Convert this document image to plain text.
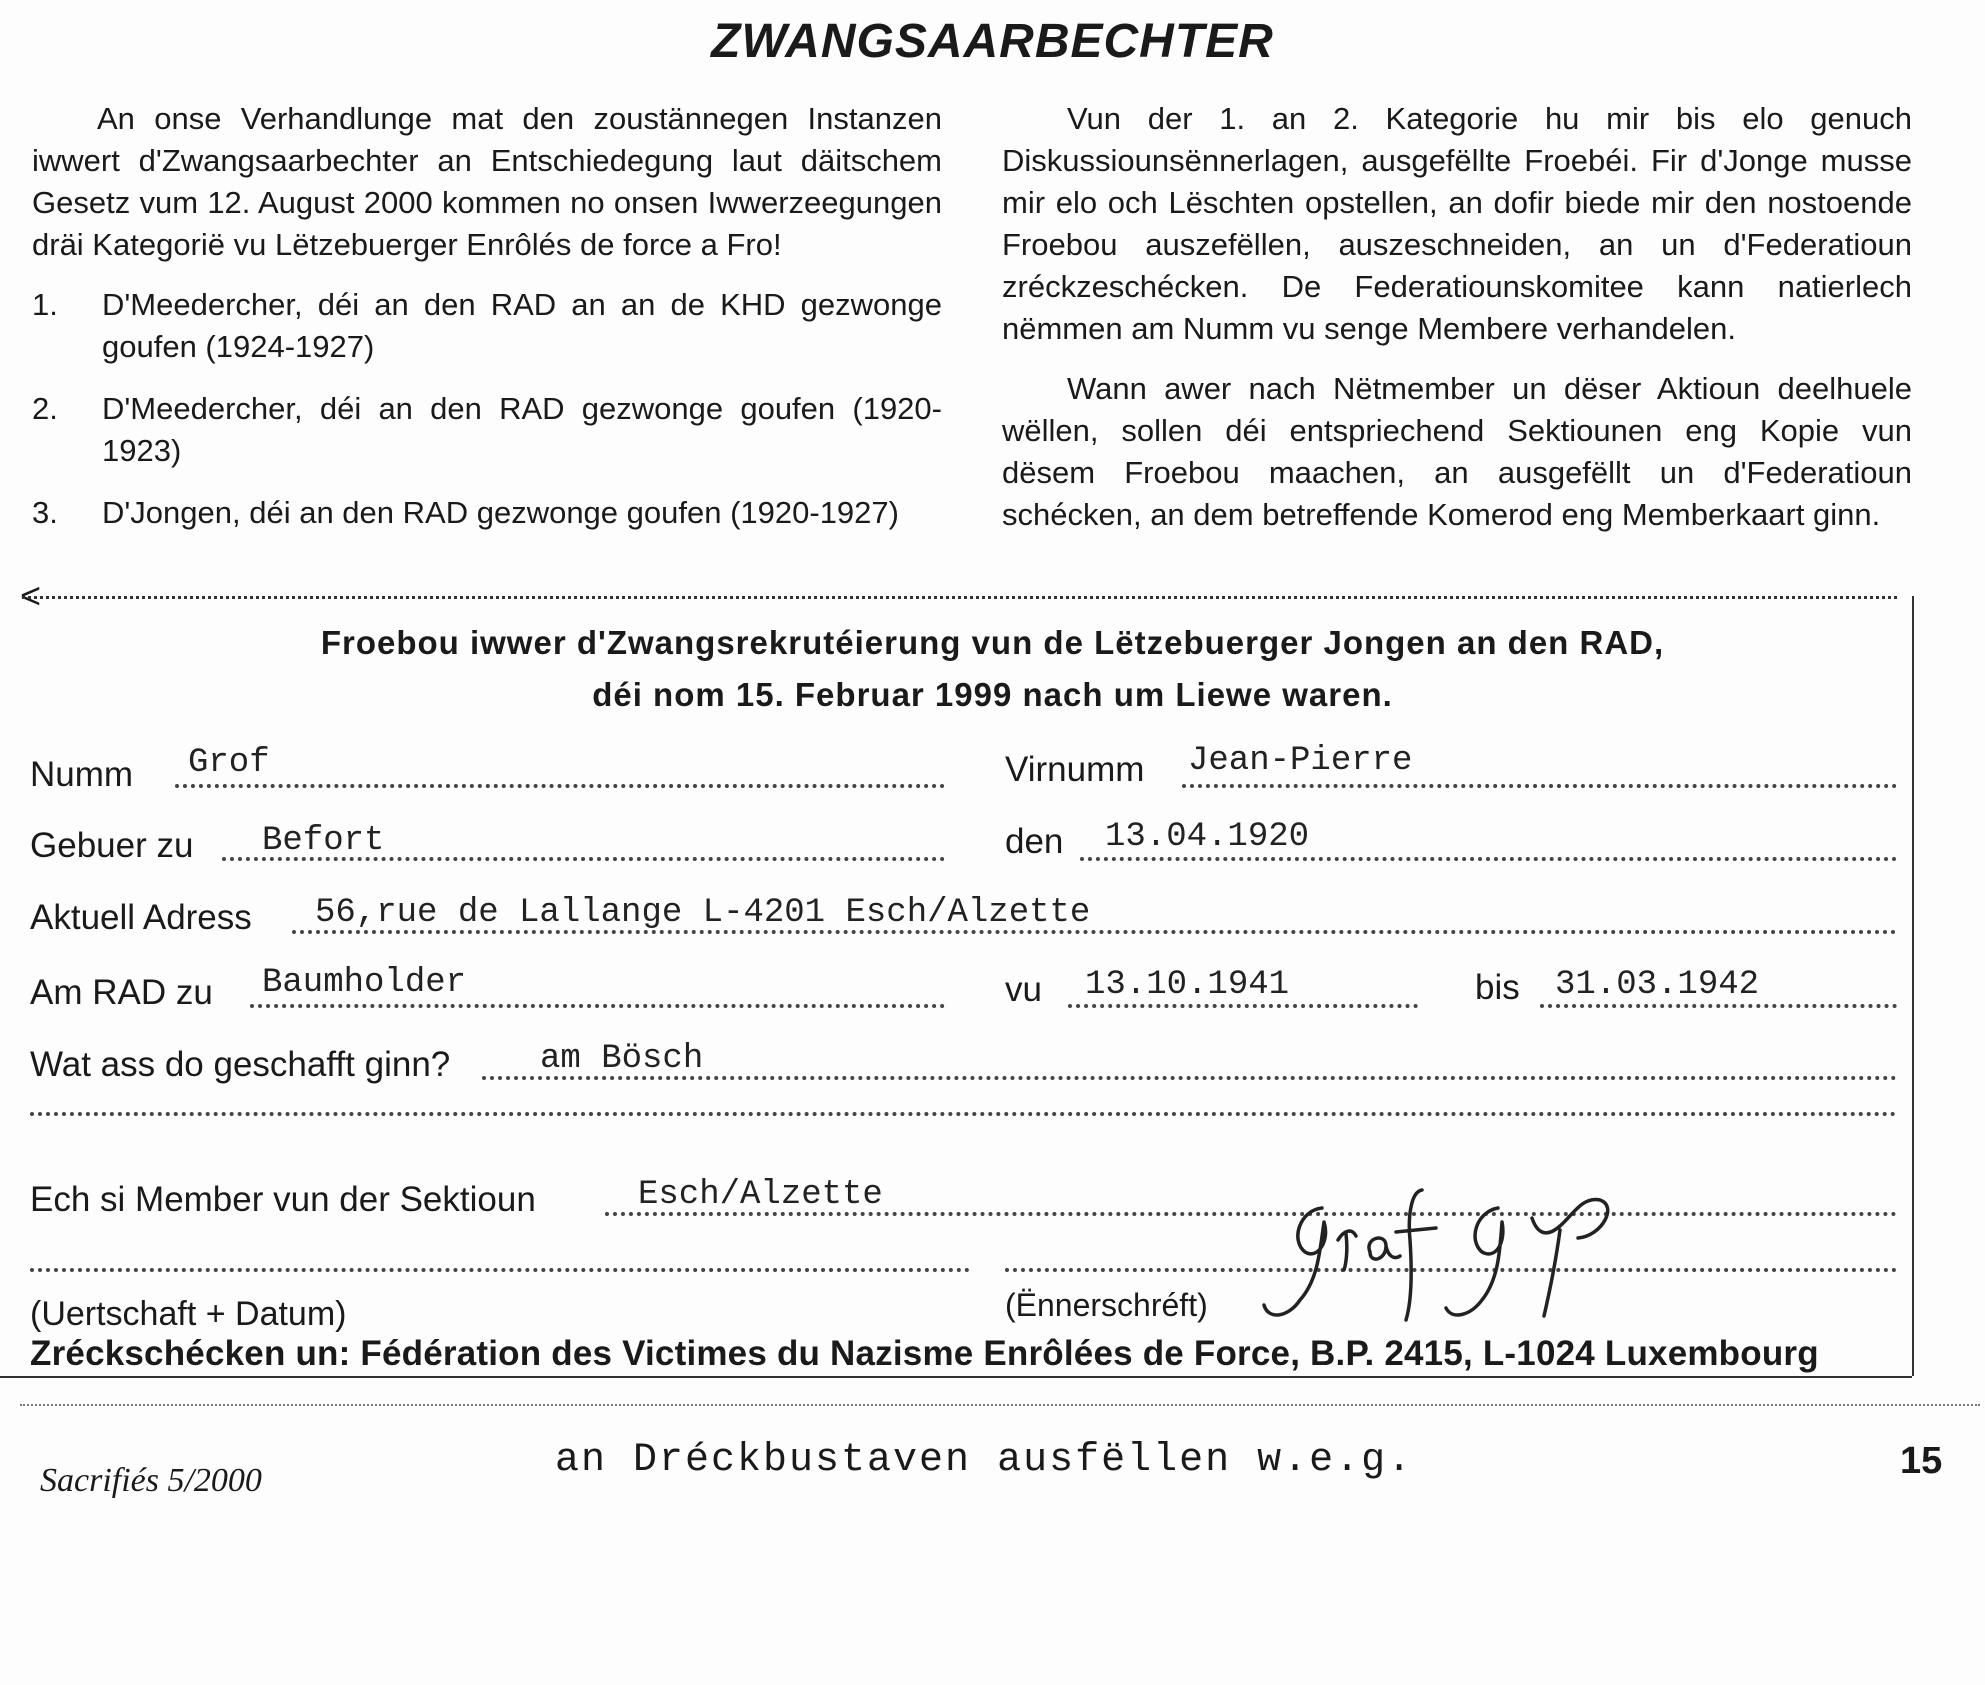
ZWANGSAARBECHTER

An onse Verhandlunge mat den zoustännegen Instanzen iwwert d'Zwangsaarbechter an Entschiedegung laut däitschem Gesetz vum 12. August 2000 kommen no onsen Iwwerzeegungen dräi Kategorië vu Lëtzebuerger Enrôlés de force a Fro!

1.	D'Meedercher, déi an den RAD an an de KHD gezwonge goufen (1924-1927)
2.	D'Meedercher, déi an den RAD gezwonge goufen (1920-1923)
3.	D'Jongen, déi an den RAD gezwonge goufen (1920-1927)

Vun der 1. an 2. Kategorie hu mir bis elo genuch Diskussiounsënnerlagen, ausgefëllte Froebéi. Fir d'Jonge musse mir elo och Lëschten opstellen, an dofir biede mir den nostoende Froebou auszefëllen, auszeschneiden, an un d'Federatioun zréckzeschécken. De Federatiounskomitee kann natierlech nëmmen am Numm vu senge Membere verhandelen.

Wann awer nach Nëtmember un dëser Aktioun deelhuele wëllen, sollen déi entspriechend Sektiounen eng Kopie vun dësem Froebou maachen, an ausgefëllt un d'Federatioun schécken, an dem betreffende Komerod eng Memberkaart ginn.

<
Froebou iwwer d'Zwangsrekrutéierung vun de Lëtzebuerger Jongen an den RAD,
déi nom 15. Februar 1999 nach um Liewe waren.
Numm Grof	Virnumm Jean-Pierre
Gebuer zu Befort	den 13.04.1920
Aktuell Adress 56,rue de Lallange L-4201 Esch/Alzette
Am RAD zu Baumholder	vu 13.10.1941	bis 31.03.1942
Wat ass do geschafft ginn?	am Bösch
Ech si Member vun der Sektioun	Esch/Alzette
(Uertschaft + Datum)	(Ënnerschréft)
Zréckschécken un: Fédération des Victimes du Nazisme Enrôlées de Force, B.P. 2415, L-1024 Luxembourg
Sacrifiés 5/2000	an Dréckbustaven ausfëllen w.e.g.	15
